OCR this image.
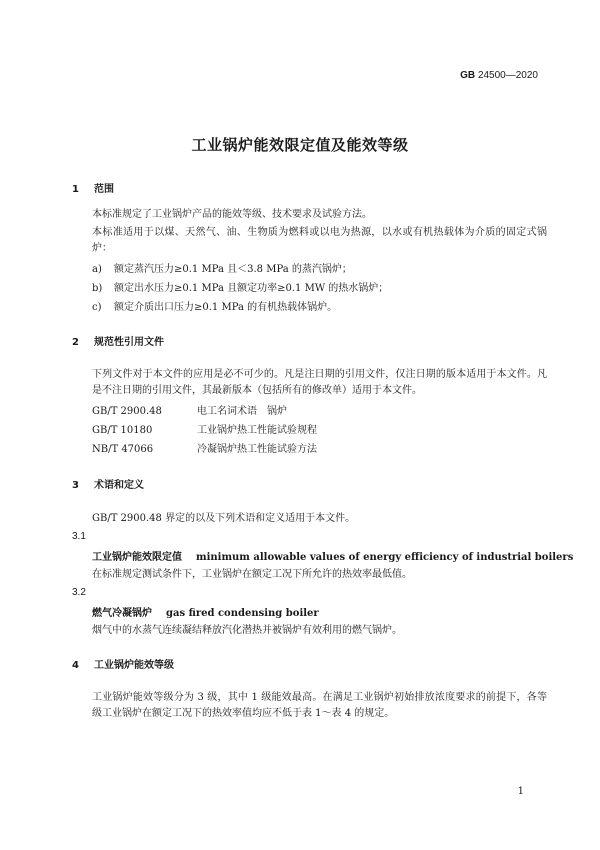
GB 24500—2020
工业锅炉能效限定值及能效等级
1 范围
本标准规定了工业锅炉产品的能效等级、技术要求及试验方法。
本标准适用于以煤、天然气、油、生物质为燃料或以电为热源，以水或有机热载体为介质的固定式锅炉：
a) 额定蒸汽压力≥0.1 MPa 且＜3.8 MPa 的蒸汽锅炉；
b) 额定出水压力≥0.1 MPa 且额定功率≥0.1 MW 的热水锅炉；
c) 额定介质出口压力≥0.1 MPa 的有机热载体锅炉。
2 规范性引用文件
下列文件对于本文件的应用是必不可少的。凡是注日期的引用文件，仅注日期的版本适用于本文件。凡是不注日期的引用文件，其最新版本（包括所有的修改单）适用于本文件。
GB/T 2900.48	电工名词术语　锅炉
GB/T 10180	工业锅炉热工性能试验规程
NB/T 47066	冷凝锅炉热工性能试验方法
3 术语和定义
GB/T 2900.48 界定的以及下列术语和定义适用于本文件。
3.1
工业锅炉能效限定值 minimum allowable values of energy efficiency of industrial boilers
在标准规定测试条件下，工业锅炉在额定工况下所允许的热效率最低值。
3.2
燃气冷凝锅炉 gas fired condensing boiler
烟气中的水蒸气连续凝结释放汽化潜热并被锅炉有效利用的燃气锅炉。
4 工业锅炉能效等级
工业锅炉能效等级分为 3 级，其中 1 级能效最高。在满足工业锅炉初始排放浓度要求的前提下，各等级工业锅炉在额定工况下的热效率值均应不低于表 1～表 4 的规定。
1
